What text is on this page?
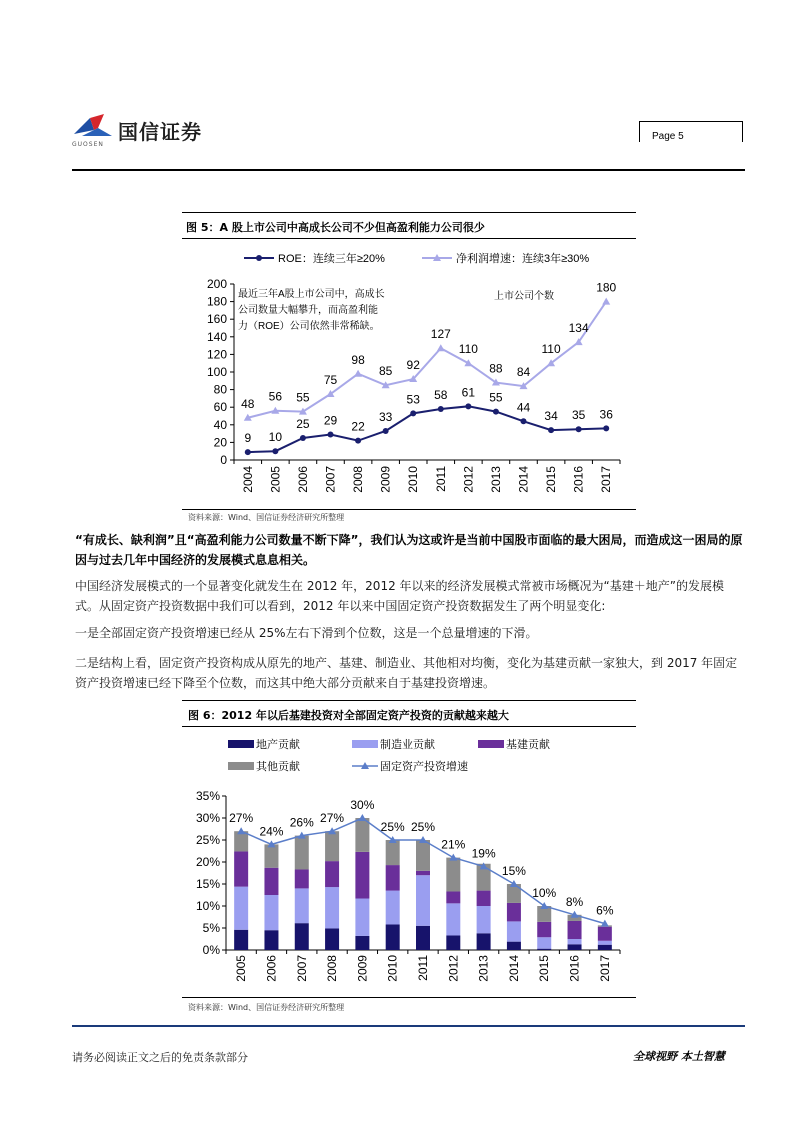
国信证券
GUOSEN
Page 5
图 5：A 股上市公司中高成长公司不少但高盈利能力公司很少
0
20
40
60
80
100
120
140
160
180
200
2004 2005 2006 2007 2008 2009 2010 2011 2012 2013 2014 2015 2016 2017
ROE：连续三年≥20%	净利润增速：连续3年≥30%
最近三年A股上市公司中，高成长
公司数量大幅攀升，而高盈利能
力（ROE）公司依然非常稀缺。
上市公司个数
9 10
25 29 22
33
53 58 61 55
44
34 35 36
48
56 55
75
98
85 92
127
110
88 84
110
134
180
资料来源：Wind、国信证券经济研究所整理
“有成长、缺利润”且“高盈利能力公司数量不断下降”，我们认为这或许是当前中国股市面临的最大困局，而造成这一困局的原因与过去几年中国经济的发展模式息息相关。
中国经济发展模式的一个显著变化就发生在 2012 年，2012 年以来的经济发展模式常被市场概况为“基建＋地产”的发展模式。从固定资产投资数据中我们可以看到，2012 年以来中国固定资产投资数据发生了两个明显变化:
一是全部固定资产投资增速已经从 25%左右下滑到个位数，这是一个总量增速的下滑。
二是结构上看，固定资产投资构成从原先的地产、基建、制造业、其他相对均衡，变化为基建贡献一家独大，到 2017 年固定资产投资增速已经下降至个位数，而这其中绝大部分贡献来自于基建投资增速。
图 6：2012 年以后基建投资对全部固定资产投资的贡献越来越大
地产贡献	制造业贡献	基建贡献
其他贡献	固定资产投资增速
0%
5%
10%
15%
20%
25%
30%
35%
2005 2006 2007 2008 2009 2010 2011 2012 2013 2014 2015 2016 2017
27%
24%
26% 27%
30%
25% 25%
21%
19%
15%
10%
8%
6%
资料来源：Wind、国信证券经济研究所整理
请务必阅读正文之后的免责条款部分	全球视野 本土智慧
